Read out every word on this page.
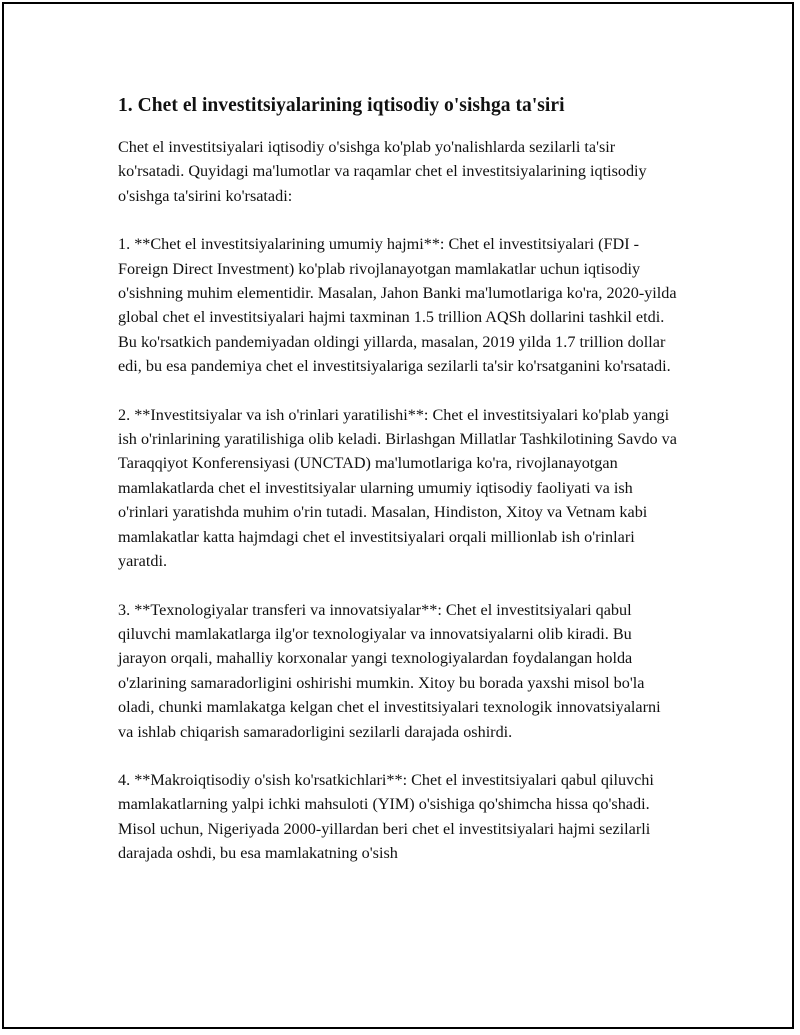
1. Chet el investitsiyalarining iqtisodiy o'sishga ta'siri

Chet el investitsiyalari iqtisodiy o'sishga ko'plab yo'nalishlarda sezilarli ta'sir ko'rsatadi. Quyidagi ma'lumotlar va raqamlar chet el investitsiyalarining iqtisodiy o'sishga ta'sirini ko'rsatadi:

1. **Chet el investitsiyalarining umumiy hajmi**: Chet el investitsiyalari (FDI - Foreign Direct Investment) ko'plab rivojlanayotgan mamlakatlar uchun iqtisodiy o'sishning muhim elementidir. Masalan, Jahon Banki ma'lumotlariga ko'ra, 2020-yilda global chet el investitsiyalari hajmi taxminan 1.5 trillion AQSh dollarini tashkil etdi. Bu ko'rsatkich pandemiyadan oldingi yillarda, masalan, 2019 yilda 1.7 trillion dollar edi, bu esa pandemiya chet el investitsiyalariga sezilarli ta'sir ko'rsatganini ko'rsatadi.

2. **Investitsiyalar va ish o'rinlari yaratilishi**: Chet el investitsiyalari ko'plab yangi ish o'rinlarining yaratilishiga olib keladi. Birlashgan Millatlar Tashkilotining Savdo va Taraqqiyot Konferensiyasi (UNCTAD) ma'lumotlariga ko'ra, rivojlanayotgan mamlakatlarda chet el investitsiyalar ularning umumiy iqtisodiy faoliyati va ish o'rinlari yaratishda muhim o'rin tutadi. Masalan, Hindiston, Xitoy va Vetnam kabi mamlakatlar katta hajmdagi chet el investitsiyalari orqali millionlab ish o'rinlari yaratdi.

3. **Texnologiyalar transferi va innovatsiyalar**: Chet el investitsiyalari qabul qiluvchi mamlakatlarga ilg'or texnologiyalar va innovatsiyalarni olib kiradi. Bu jarayon orqali, mahalliy korxonalar yangi texnologiyalardan foydalangan holda o'zlarining samaradorligini oshirishi mumkin. Xitoy bu borada yaxshi misol bo'la oladi, chunki mamlakatga kelgan chet el investitsiyalari texnologik innovatsiyalarni va ishlab chiqarish samaradorligini sezilarli darajada oshirdi.

4. **Makroiqtisodiy o'sish ko'rsatkichlari**: Chet el investitsiyalari qabul qiluvchi mamlakatlarning yalpi ichki mahsuloti (YIM) o'sishiga qo'shimcha hissa qo'shadi. Misol uchun, Nigeriyada 2000-yillardan beri chet el investitsiyalari hajmi sezilarli darajada oshdi, bu esa mamlakatning o'sish
